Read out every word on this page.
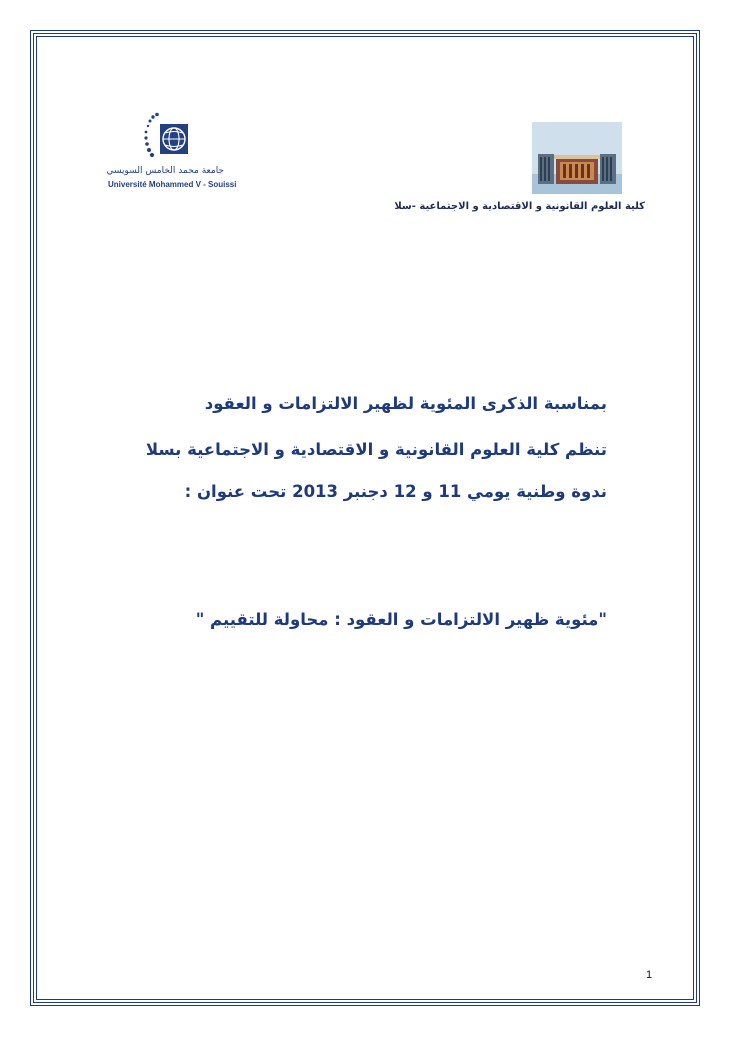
جامعة محمد الخامس السويسي
Université Mohammed V - Souissi
كلية العلوم القانونية و الاقتصادية و الاجتماعية -سلا
بمناسبة الذكرى المئوية لظهير الالتزامات و العقود
تنظم كلية العلوم القانونية و الاقتصادية و الاجتماعية بسلا
ندوة وطنية يومي 11 و 12 دجنبر 2013 تحت عنوان :
"مئوية ظهير الالتزامات و العقود : محاولة للتقييم "
1
